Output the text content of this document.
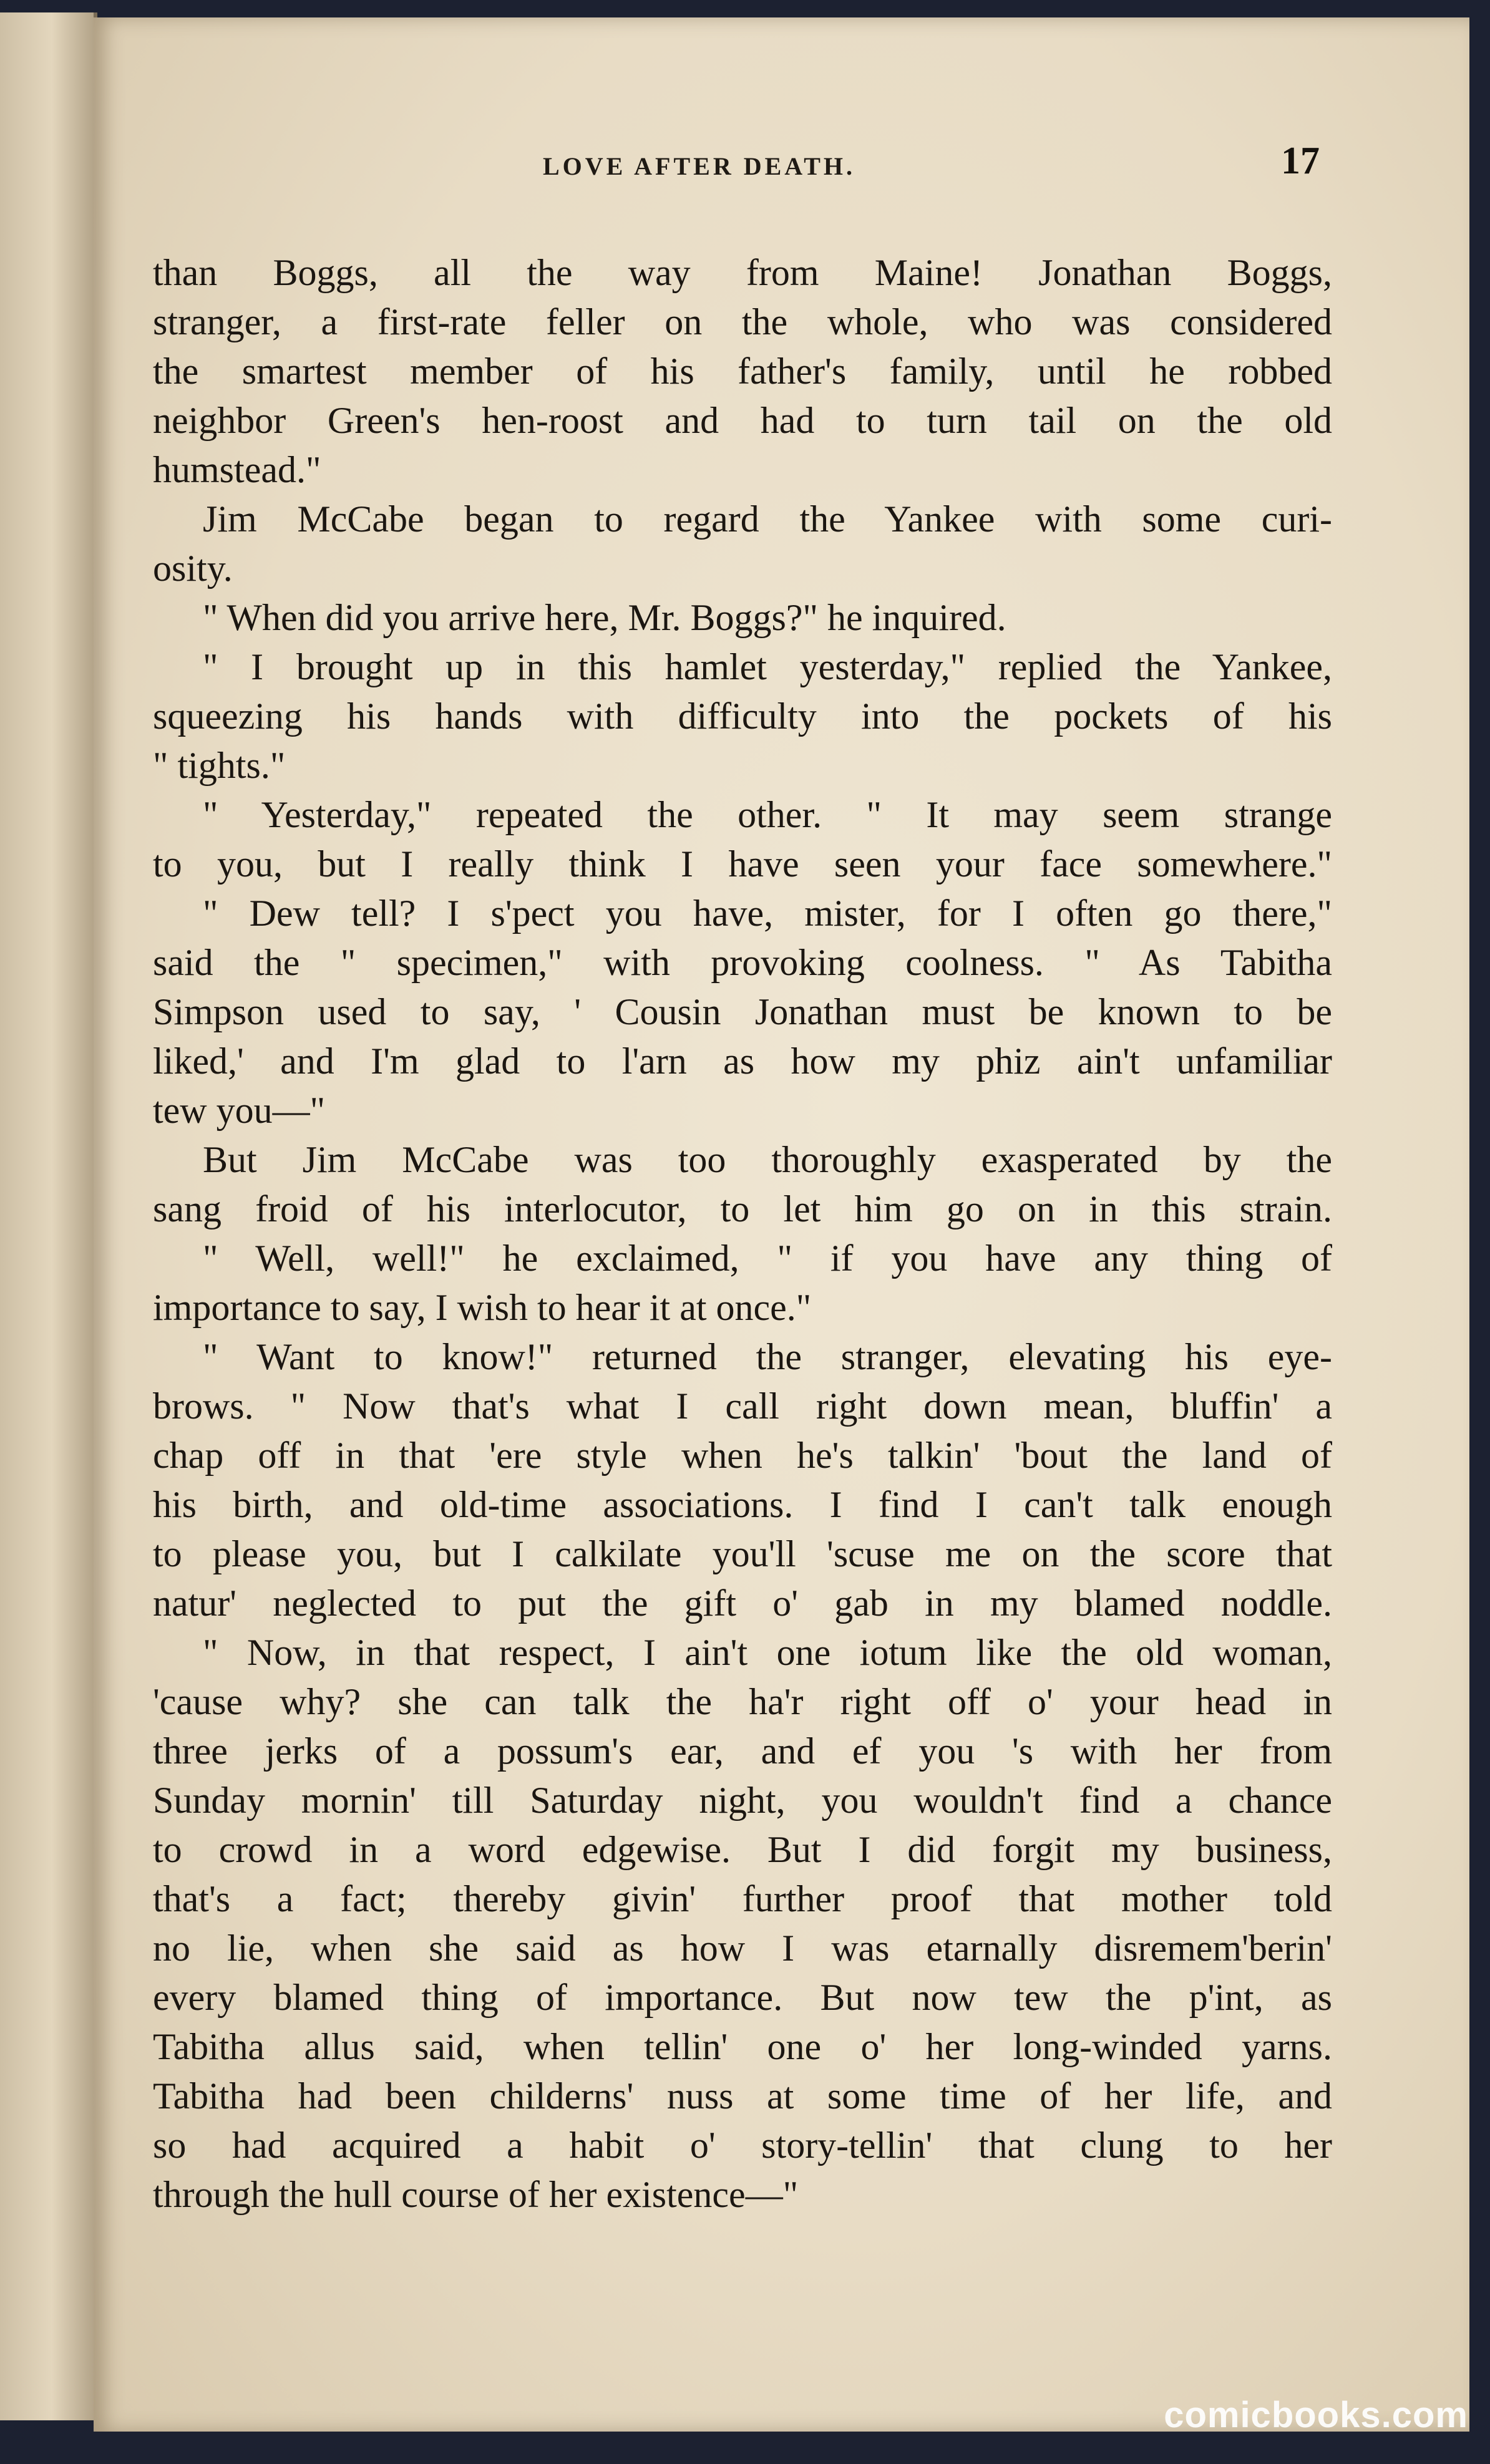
LOVE AFTER DEATH.	17
than Boggs, all the way from Maine! Jonathan Boggs,
stranger, a first-rate feller on the whole, who was considered
the smartest member of his father's family, until he robbed
neighbor Green's hen-roost and had to turn tail on the old
humstead."
Jim McCabe began to regard the Yankee with some curi-
osity.
" When did you arrive here, Mr. Boggs?" he inquired.
" I brought up in this hamlet yesterday," replied the Yankee,
squeezing his hands with difficulty into the pockets of his
" tights."
" Yesterday," repeated the other. " It may seem strange
to you, but I really think I have seen your face somewhere."
" Dew tell? I s'pect you have, mister, for I often go there,"
said the " specimen," with provoking coolness. " As Tabitha
Simpson used to say, ' Cousin Jonathan must be known to be
liked,' and I'm glad to l'arn as how my phiz ain't unfamiliar
tew you—"
But Jim McCabe was too thoroughly exasperated by the
sang froid of his interlocutor, to let him go on in this strain.
" Well, well!" he exclaimed, " if you have any thing of
importance to say, I wish to hear it at once."
" Want to know!" returned the stranger, elevating his eye-
brows. " Now that's what I call right down mean, bluffin' a
chap off in that 'ere style when he's talkin' 'bout the land of
his birth, and old-time associations. I find I can't talk enough
to please you, but I calkilate you'll 'scuse me on the score that
natur' neglected to put the gift o' gab in my blamed noddle.
" Now, in that respect, I ain't one iotum like the old woman,
'cause why? she can talk the ha'r right off o' your head in
three jerks of a possum's ear, and ef you 's with her from
Sunday mornin' till Saturday night, you wouldn't find a chance
to crowd in a word edgewise. But I did forgit my business,
that's a fact; thereby givin' further proof that mother told
no lie, when she said as how I was etarnally disremem'berin'
every blamed thing of importance. But now tew the p'int, as
Tabitha allus said, when tellin' one o' her long-winded yarns.
Tabitha had been childerns' nuss at some time of her life, and
so had acquired a habit o' story-tellin' that clung to her
through the hull course of her existence—"
comicbooks.com
